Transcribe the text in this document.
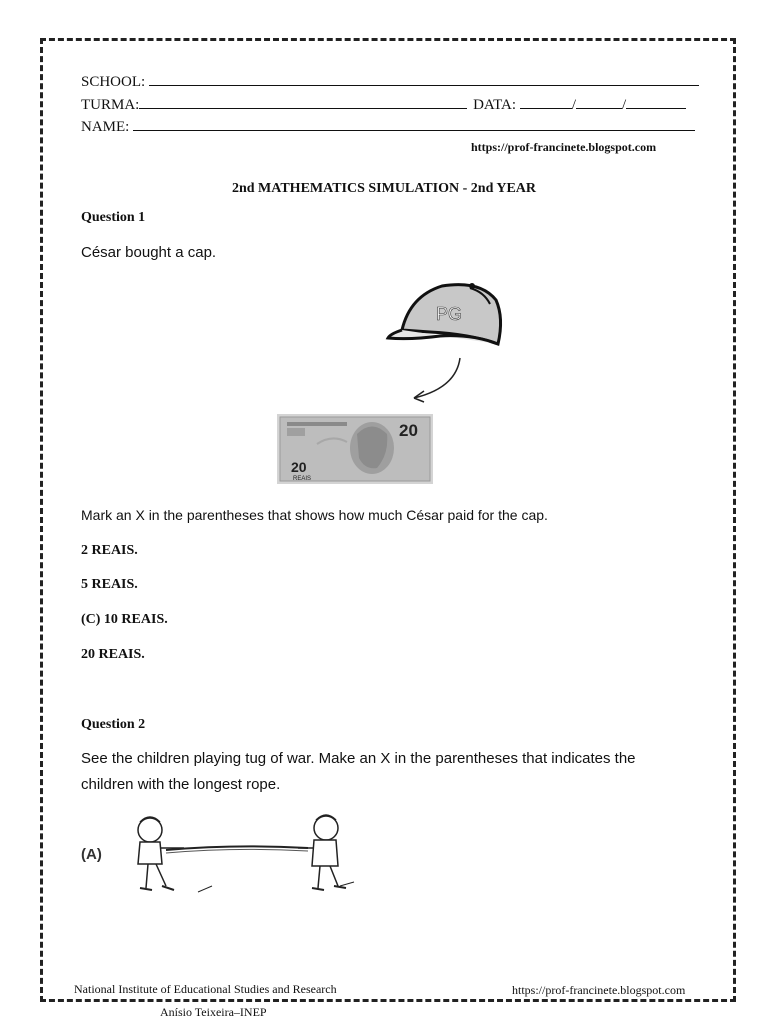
SCHOOL:
TURMA:	DATA:	/	/
NAME:
https://prof-francinete.blogspot.com
2nd MATHEMATICS SIMULATION - 2nd YEAR
Question 1
César bought a cap.
PG
20
20
REAIS
Mark an X in the parentheses that shows how much César paid for the cap.
2 REAIS.
5 REAIS.
(C) 10 REAIS.
20 REAIS.
Question 2
See the children playing tug of war. Make an X in the parentheses that indicates the children with the longest rope.
(A)
National Institute of Educational Studies and Research	https://prof-francinete.blogspot.com
Anísio Teixeira–INEP
